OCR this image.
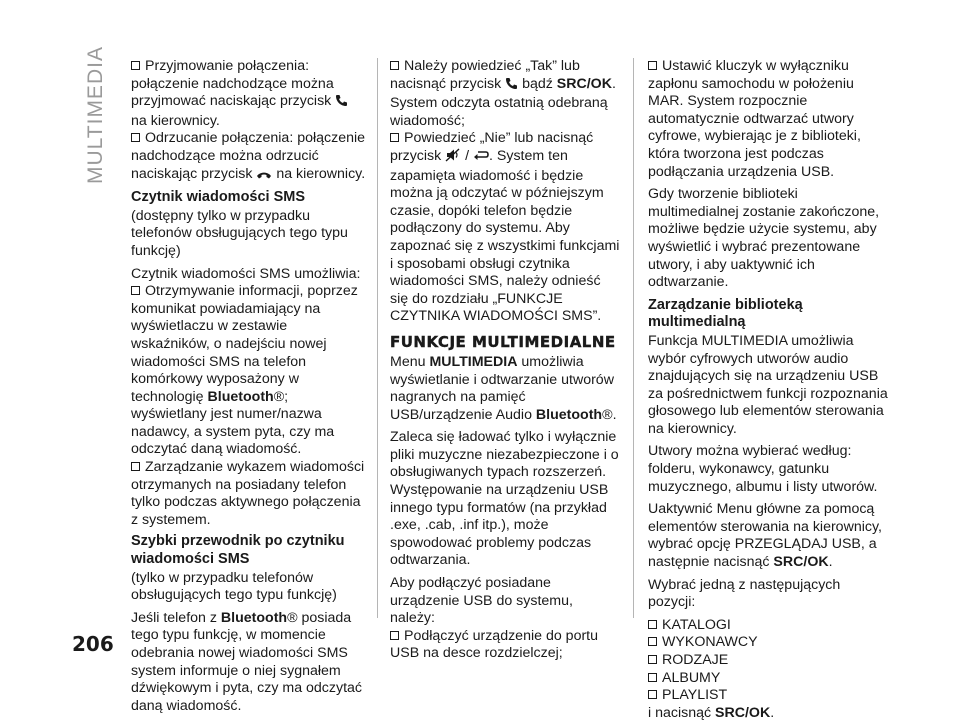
MULTIMEDIA	Przyjmowanie połączenia: połączenie nadchodzące można przyjmować naciskając przycisk  na kierownicy.

Odrzucanie połączenia: połączenie nadchodzące można odrzucić naciskając przycisk  na kierownicy.

Czytnik wiadomości SMS

(dostępny tylko w przypadku telefonów obsługujących tego typu funkcję)

Czytnik wiadomości SMS umożliwia:

Otrzymywanie informacji, poprzez komunikat powiadamiający na wyświetlaczu w zestawie wskaźników, o nadejściu nowej wiadomości SMS na telefon komórkowy wyposażony w technologię Bluetooth®; wyświetlany jest numer/nazwa nadawcy, a system pyta, czy ma odczytać daną wiadomość.

Zarządzanie wykazem wiadomości otrzymanych na posiadany telefon tylko podczas aktywnego połączenia z systemem.

Szybki przewodnik po czytniku wiadomości SMS

(tylko w przypadku telefonów obsługujących tego typu funkcję)

Jeśli telefon z Bluetooth® posiada tego typu funkcję, w momencie odebrania nowej wiadomości SMS system informuje o niej sygnałem dźwiękowym i pyta, czy ma odczytać daną wiadomość.

Należy powiedzieć „Tak” lub nacisnąć przycisk  bądź SRC/OK. System odczyta ostatnią odebraną wiadomość;

Powiedzieć „Nie” lub nacisnąć przycisk  / . System ten zapamięta wiadomość i będzie można ją odczytać w późniejszym czasie, dopóki telefon będzie podłączony do systemu. Aby zapoznać się z wszystkimi funkcjami i sposobami obsługi czytnika wiadomości SMS, należy odnieść się do rozdziału „FUNKCJE CZYTNIKA WIADOMOŚCI SMS”.

FUNKCJE MULTIMEDIALNE

Menu MULTIMEDIA umożliwia wyświetlanie i odtwarzanie utworów nagranych na pamięć USB/urządzenie Audio Bluetooth®.

Zaleca się ładować tylko i wyłącznie pliki muzyczne niezabezpieczone i o obsługiwanych typach rozszerzeń. Występowanie na urządzeniu USB innego typu formatów (na przykład .exe, .cab, .inf itp.), może spowodować problemy podczas odtwarzania.

Aby podłączyć posiadane urządzenie USB do systemu, należy:

Podłączyć urządzenie do portu USB na desce rozdzielczej;

Ustawić kluczyk w wyłączniku zapłonu samochodu w położeniu MAR. System rozpocznie automatycznie odtwarzać utwory cyfrowe, wybierając je z biblioteki, która tworzona jest podczas podłączania urządzenia USB.

Gdy tworzenie biblioteki multimedialnej zostanie zakończone, możliwe będzie użycie systemu, aby wyświetlić i wybrać prezentowane utwory, i aby uaktywnić ich odtwarzanie.

Zarządzanie biblioteką multimedialną

Funkcja MULTIMEDIA umożliwia wybór cyfrowych utworów audio znajdujących się na urządzeniu USB za pośrednictwem funkcji rozpoznania głosowego lub elementów sterowania na kierownicy.

Utwory można wybierać według: folderu, wykonawcy, gatunku muzycznego, albumu i listy utworów.

Uaktywnić Menu główne za pomocą elementów sterowania na kierownicy, wybrać opcję PRZEGLĄDAJ USB, a następnie nacisnąć SRC/OK.

Wybrać jedną z następujących pozycji:

KATALOGI

WYKONAWCY

RODZAJE

ALBUMY

PLAYLIST

i nacisnąć SRC/OK.

206
